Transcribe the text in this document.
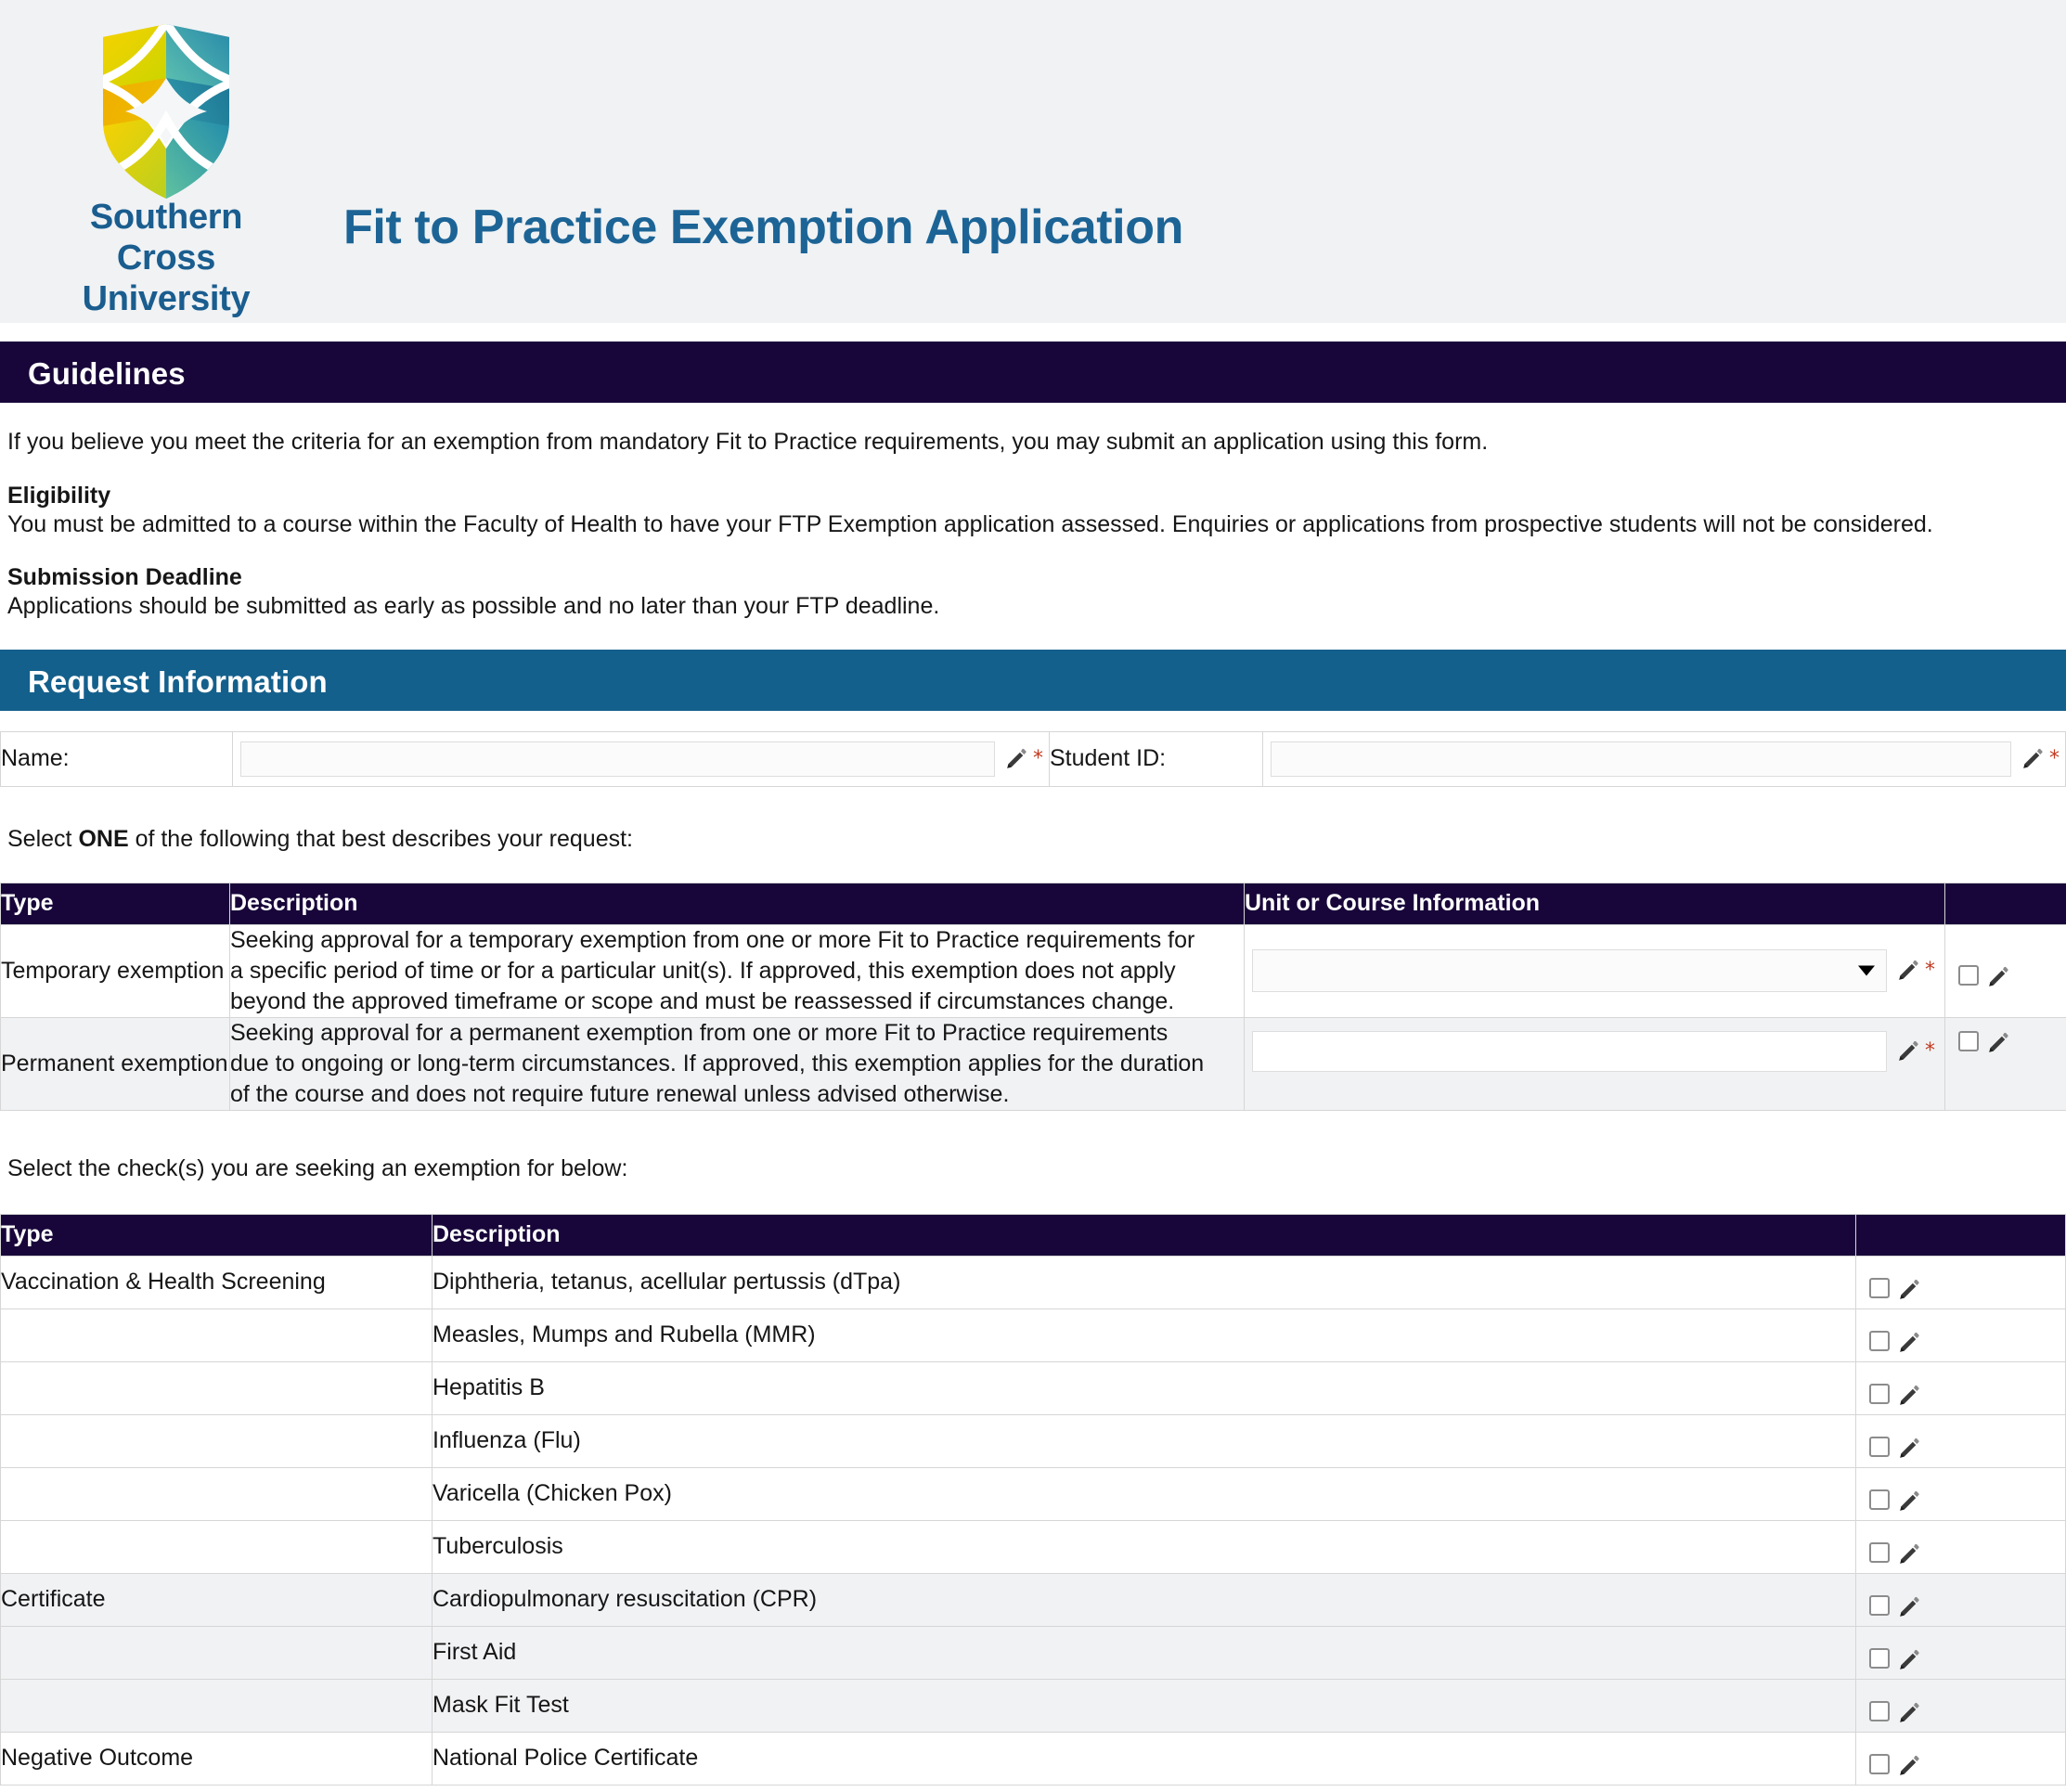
Southern Cross
University
Fit to Practice Exemption Application
Guidelines

If you believe you meet the criteria for an exemption from mandatory Fit to Practice requirements, you may submit an application using this form.

Eligibility

You must be admitted to a course within the Faculty of Health to have your FTP Exemption application assessed. Enquiries or applications from prospective students will not be considered.

Submission Deadline

Applications should be submitted as early as possible and no later than your FTP deadline.

Request Information
Name:	*	Student ID:	*

Select ONE of the following that best describes your request:

Type	Description	Unit or Course Information	
Temporary exemption	Seeking approval for a temporary exemption from one or more Fit to Practice requirements for
a specific period of time or for a particular unit(s). If approved, this exemption does not apply
beyond the approved timeframe or scope and must be reassessed if circumstances change.	*

Permanent exemption	Seeking approval for a permanent exemption from one or more Fit to Practice requirements
due to ongoing or long-term circumstances. If approved, this exemption applies for the duration
of the course and does not require future renewal unless advised otherwise.	*

Select the check(s) you are seeking an exemption for below:

Type	Description	
Vaccination & Health Screening	Diphtheria, tetanus, acellular pertussis (dTpa)	

	Measles, Mumps and Rubella (MMR)	

	Hepatitis B	

	Influenza (Flu)	

	Varicella (Chicken Pox)	

	Tuberculosis	

Certificate	Cardiopulmonary resuscitation (CPR)	

	First Aid	

	Mask Fit Test	

Negative Outcome	National Police Certificate	
